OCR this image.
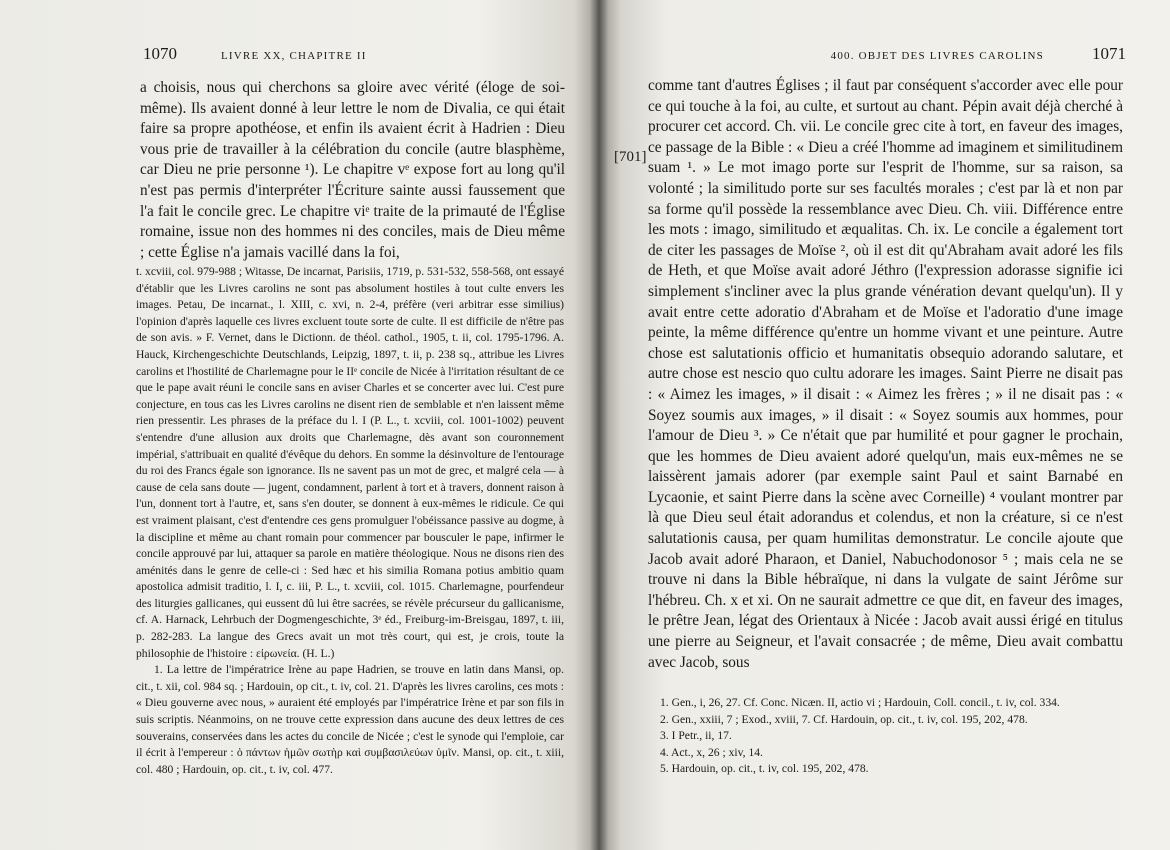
1070	LIVRE XX, CHAPITRE II

a choisis, nous qui cherchons sa gloire avec vérité (éloge de soi-même). Ils avaient donné à leur lettre le nom de Divalia, ce qui était faire sa propre apothéose, et enfin ils avaient écrit à Hadrien : Dieu vous prie de travailler à la célébration du concile (autre blasphème, car Dieu ne prie personne ¹). Le chapitre vᵉ expose fort au long qu'il n'est pas permis d'interpréter l'Écriture sainte aussi faussement que l'a fait le concile grec. Le chapitre viᵉ traite de la primauté de l'Église romaine, issue non des hommes ni des conciles, mais de Dieu même ; cette Église n'a jamais vacillé dans la foi,

t. xcviii, col. 979-988 ; Witasse, De incarnat, Parisiis, 1719, p. 531-532, 558-568, ont essayé d'établir que les Livres carolins ne sont pas absolument hostiles à tout culte envers les images. Petau, De incarnat., l. XIII, c. xvi, n. 2-4, préfère (veri arbitrar esse similius) l'opinion d'après laquelle ces livres excluent toute sorte de culte. Il est difficile de n'être pas de son avis. » F. Vernet, dans le Dictionn. de théol. cathol., 1905, t. ii, col. 1795-1796. A. Hauck, Kirchengeschichte Deutschlands, Leipzig, 1897, t. ii, p. 238 sq., attribue les Livres carolins et l'hostilité de Charlemagne pour le IIᵉ concile de Nicée à l'irritation résultant de ce que le pape avait réuni le concile sans en aviser Charles et se concerter avec lui. C'est pure conjecture, en tous cas les Livres carolins ne disent rien de semblable et n'en laissent même rien pressentir. Les phrases de la préface du l. I (P. L., t. xcviii, col. 1001-1002) peuvent s'entendre d'une allusion aux droits que Charlemagne, dès avant son couronnement impérial, s'attribuait en qualité d'évêque du dehors. En somme la désinvolture de l'entourage du roi des Francs égale son ignorance. Ils ne savent pas un mot de grec, et malgré cela — à cause de cela sans doute — jugent, condamnent, parlent à tort et à travers, donnent raison à l'un, donnent tort à l'autre, et, sans s'en douter, se donnent à eux-mêmes le ridicule. Ce qui est vraiment plaisant, c'est d'entendre ces gens promulguer l'obéissance passive au dogme, à la discipline et même au chant romain pour commencer par bousculer le pape, infirmer le concile approuvé par lui, attaquer sa parole en matière théologique. Nous ne disons rien des aménités dans le genre de celle-ci : Sed hæc et his similia Romana potius ambitio quam apostolica admisit traditio, l. I, c. iii, P. L., t. xcviii, col. 1015. Charlemagne, pourfendeur des liturgies gallicanes, qui eussent dû lui être sacrées, se révèle précurseur du gallicanisme, cf. A. Harnack, Lehrbuch der Dogmengeschichte, 3ᵉ éd., Freiburg-im-Breisgau, 1897, t. iii, p. 282-283. La langue des Grecs avait un mot très court, qui est, je crois, toute la philosophie de l'histoire : εἰρωνεία. (H. L.)

1. La lettre de l'impératrice Irène au pape Hadrien, se trouve en latin dans Mansi, op. cit., t. xii, col. 984 sq. ; Hardouin, op cit., t. iv, col. 21. D'après les livres carolins, ces mots : « Dieu gouverne avec nous, » auraient été employés par l'impératrice Irène et par son fils in suis scriptis. Néanmoins, on ne trouve cette expression dans aucune des deux lettres de ces souverains, conservées dans les actes du concile de Nicée ; c'est le synode qui l'emploie, car il écrit à l'empereur : ὁ πάντων ἡμῶν σωτὴρ καὶ συμβασιλεύων ὑμῖν. Mansi, op. cit., t. xiii, col. 480 ; Hardouin, op. cit., t. iv, col. 477.

400. OBJET DES LIVRES CAROLINS	1071
[701]

comme tant d'autres Églises ; il faut par conséquent s'accorder avec elle pour ce qui touche à la foi, au culte, et surtout au chant. Pépin avait déjà cherché à procurer cet accord. Ch. vii. Le concile grec cite à tort, en faveur des images, ce passage de la Bible : « Dieu a créé l'homme ad imaginem et similitudinem suam ¹. » Le mot imago porte sur l'esprit de l'homme, sur sa raison, sa volonté ; la similitudo porte sur ses facultés morales ; c'est par là et non par sa forme qu'il possède la ressemblance avec Dieu. Ch. viii. Différence entre les mots : imago, similitudo et æqualitas. Ch. ix. Le concile a également tort de citer les passages de Moïse ², où il est dit qu'Abraham avait adoré les fils de Heth, et que Moïse avait adoré Jéthro (l'expression adorasse signifie ici simplement s'incliner avec la plus grande vénération devant quelqu'un). Il y avait entre cette adoratio d'Abraham et de Moïse et l'adoratio d'une image peinte, la même différence qu'entre un homme vivant et une peinture. Autre chose est salutationis officio et humanitatis obsequio adorando salutare, et autre chose est nescio quo cultu adorare les images. Saint Pierre ne disait pas : « Aimez les images, » il disait : « Aimez les frères ; » il ne disait pas : « Soyez soumis aux images, » il disait : « Soyez soumis aux hommes, pour l'amour de Dieu ³. » Ce n'était que par humilité et pour gagner le prochain, que les hommes de Dieu avaient adoré quelqu'un, mais eux-mêmes ne se laissèrent jamais adorer (par exemple saint Paul et saint Barnabé en Lycaonie, et saint Pierre dans la scène avec Corneille) ⁴ voulant montrer par là que Dieu seul était adorandus et colendus, et non la créature, si ce n'est salutationis causa, per quam humilitas demonstratur. Le concile ajoute que Jacob avait adoré Pharaon, et Daniel, Nabuchodonosor ⁵ ; mais cela ne se trouve ni dans la Bible hébraïque, ni dans la vulgate de saint Jérôme sur l'hébreu. Ch. x et xi. On ne saurait admettre ce que dit, en faveur des images, le prêtre Jean, légat des Orientaux à Nicée : Jacob avait aussi érigé en titulus une pierre au Seigneur, et l'avait consacrée ; de même, Dieu avait combattu avec Jacob, sous

1. Gen., i, 26, 27. Cf. Conc. Nicæn. II, actio vi ; Hardouin, Coll. concil., t. iv, col. 334.
2. Gen., xxiii, 7 ; Exod., xviii, 7. Cf. Hardouin, op. cit., t. iv, col. 195, 202, 478.
3. I Petr., ii, 17.
4. Act., x, 26 ; xiv, 14.
5. Hardouin, op. cit., t. iv, col. 195, 202, 478.
